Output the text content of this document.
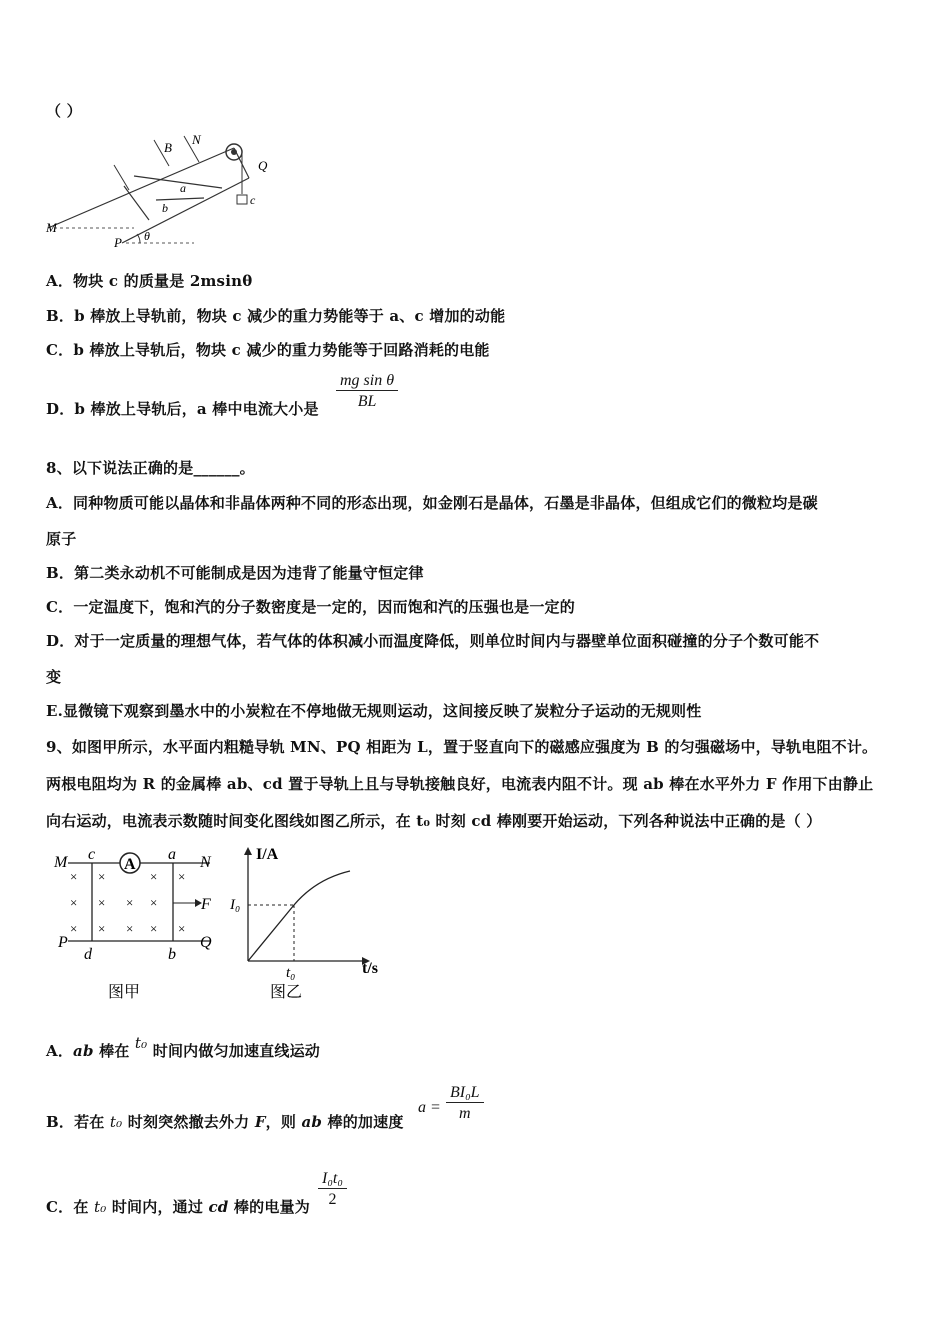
（ ）
N
B
Q
a
b
c
M
P θ
A．物块 c 的质量是 2msinθ
B．b 棒放上导轨前，物块 c 减少的重力势能等于 a、c 增加的动能
C．b 棒放上导轨后，物块 c 减少的重力势能等于回路消耗的电能
D．b 棒放上导轨后，a 棒中电流大小是 $\frac{\text{mg sin θ}}{BL}$
8、以下说法正确的是______。
A．同种物质可能以晶体和非晶体两种不同的形态出现，如金刚石是晶体，石墨是非晶体，但组成它们的微粒均是碳
原子
B．第二类永动机不可能制成是因为违背了能量守恒定律
C．一定温度下，饱和汽的分子数密度是一定的，因而饱和汽的压强也是一定的
D．对于一定质量的理想气体，若气体的体积减小而温度降低，则单位时间内与器壁单位面积碰撞的分子个数可能不
变
E.显微镜下观察到墨水中的小炭粒在不停地做无规则运动，这间接反映了炭粒分子运动的无规则性
9、如图甲所示，水平面内粗糙导轨 MN、PQ 相距为 L，置于竖直向下的磁感应强度为 B 的匀强磁场中，导轨电阻不计。
两根电阻均为 R 的金属棒 ab、cd 置于导轨上且与导轨接触良好，电流表内阻不计。现 ab 棒在水平外力 F 作用下由静止
向右运动，电流表示数随时间变化图线如图乙所示，在 t₀ 时刻 cd 棒刚要开始运动，下列各种说法中正确的是（ ）
A
M c	a N
F
P
d	b
Q
×
×
×
×
×
×
×
×
×
×
×
×
×
图甲
I/A
t/s
I₀
t₀
图乙
A．ab 棒在 t₀ 时间内做匀加速直线运动
B．若在 t₀ 时刻突然撤去外力 F，则 ab 棒的加速度
$a = \frac{\text{BI₀L}}{m}$
C．在 t₀ 时间内，通过 cd 棒的电量为 $\frac{\text{I₀t₀}}{2}$
